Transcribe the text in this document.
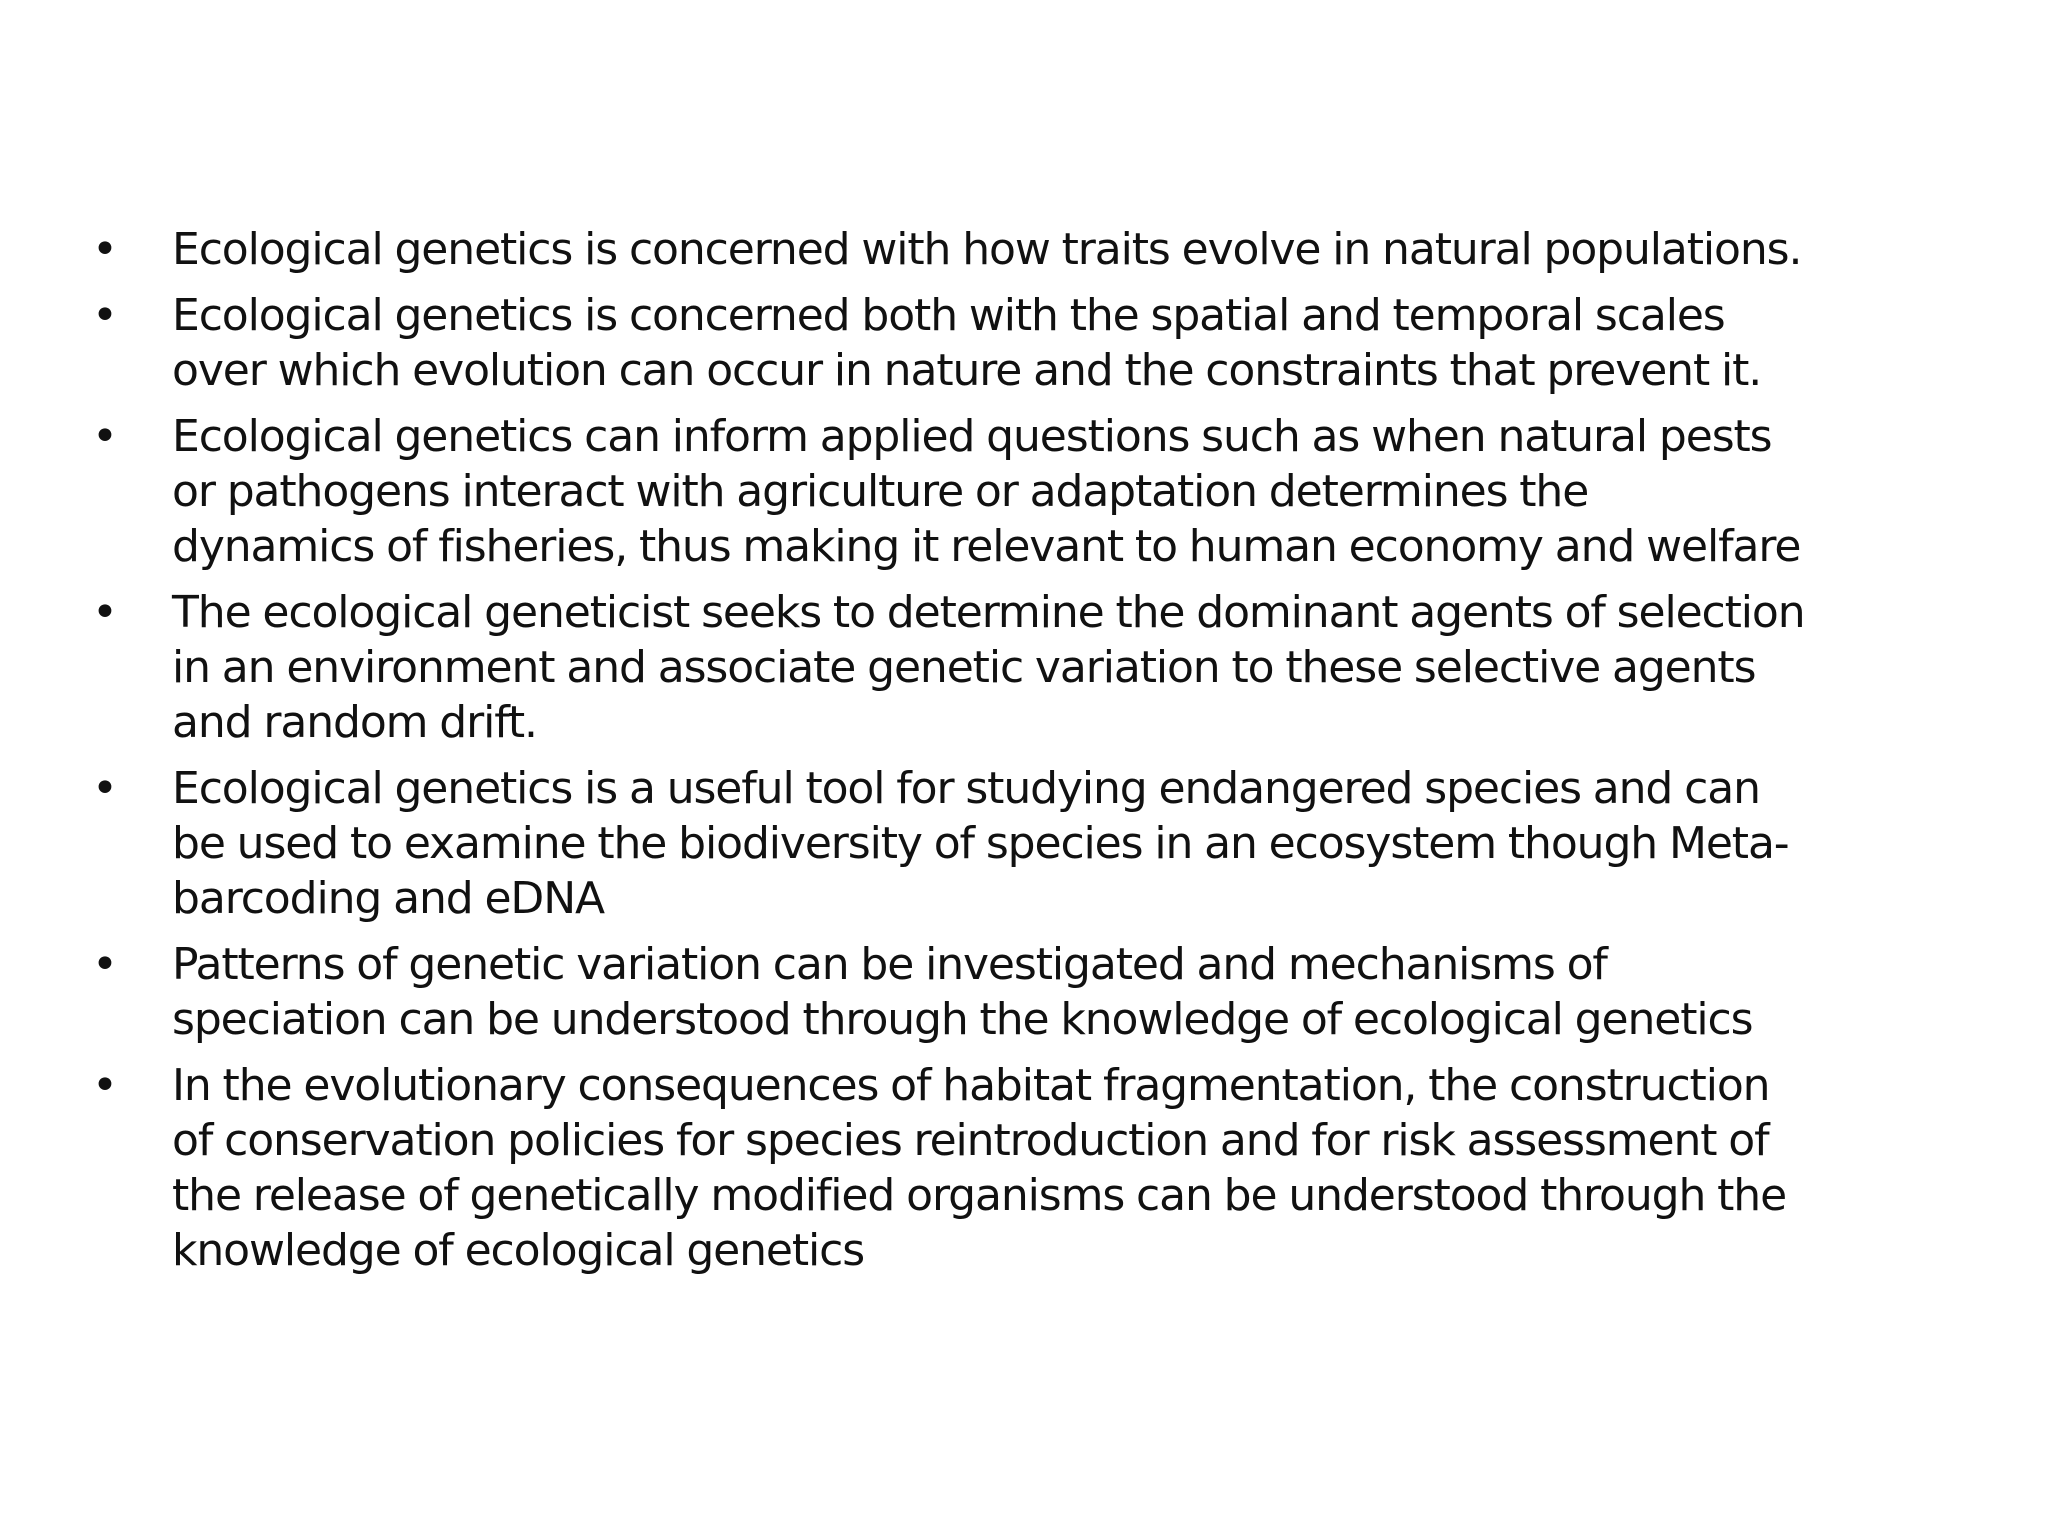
•	Ecological genetics is concerned with how traits evolve in natural populations.
•	Ecological genetics is concerned both with the spatial and temporal scales
over which evolution can occur in nature and the constraints that prevent it.
•	Ecological genetics can inform applied questions such as when natural pests
or pathogens interact with agriculture or adaptation determines the
dynamics of fisheries, thus making it relevant to human economy and welfare
•	The ecological geneticist seeks to determine the dominant agents of selection
in an environment and associate genetic variation to these selective agents
and random drift.
•	Ecological genetics is a useful tool for studying endangered species and can
be used to examine the biodiversity of species in an ecosystem though Meta-
barcoding and eDNA
•	Patterns of genetic variation can be investigated and mechanisms of
speciation can be understood through the knowledge of ecological genetics
•	In the evolutionary consequences of habitat fragmentation, the construction
of conservation policies for species reintroduction and for risk assessment of
the release of genetically modified organisms can be understood through the
knowledge of ecological genetics
